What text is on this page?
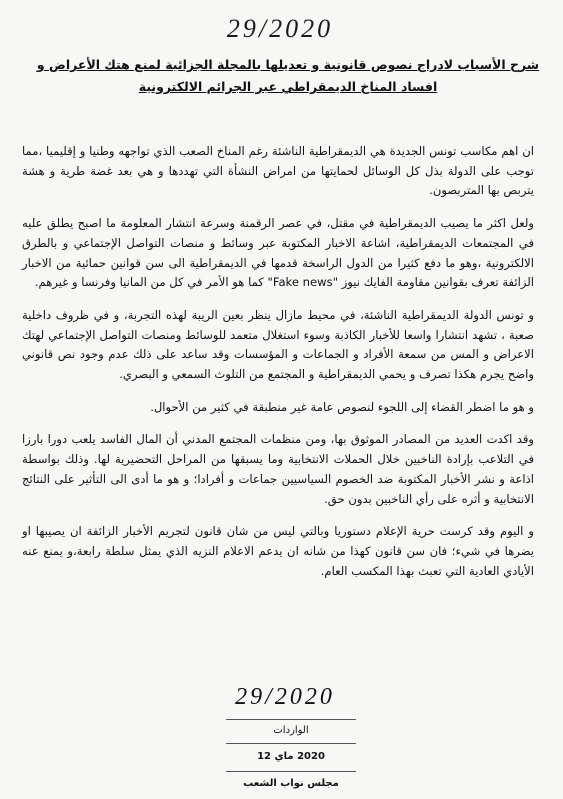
29/2020
شرح الأسباب لادراج نصوص قانونية و تعديلها بالمجلة الجزائية لمنع هتك الأعراض و
افساد المناخ الديمقراطي عبر الجرائم الالكترونية

ان اهم مكاسب تونس الجديدة هي الديمقراطية الناشئة رغم المناخ الصعب الذي تواجهه وطنيا و إقليميا ،مما توجب على الدولة بذل كل الوسائل لحمايتها من امراض النشأة التي تهددها و هي بعد غضة طرية و هشة يتربص بها المتربصون.

ولعل اكثر ما يصيب الديمقراطية في مقتل، في عصر الرقمنة وسرعة انتشار المعلومة ما اصبح يطلق عليه في المجتمعات الديمقراطية، اشاعة الاخبار المكتوبة عبر وسائط و منصات التواصل الإجتماعي و بالطرق الالكترونية ،وهو ما دفع كثيرا من الدول الراسخة قدمها في الديمقراطية الى سن قوانين حمائية من الاخبار الزائفة تعرف بقوانين مقاومة الفايك نيوز "Fake news" كما هو الأمر في كل من المانيا وفرنسا و غيرهم.

و تونس الدولة الديمقراطية الناشئة، في محيط مازال ينظر بعين الريبة لهذه التجربة، و في ظروف داخلية صعبة ، تشهد انتشارا واسعا للأخبار الكاذبة وسوء استغلال متعمد للوسائط ومنصات التواصل الإجتماعي لهتك الاعراض و المس من سمعة الأفراد و الجماعات و المؤسسات وقد ساعد على ذلك عدم وجود نص قانوني واضح يجرم هكذا تصرف و يحمي الديمقراطية و المجتمع من التلوث السمعي و البصري.

و هو ما اضطر القضاء إلى اللجوء لنصوص عامة غير منطبقة في كثير من الأحوال.

وقد اكدت العديد من المصادر الموثوق بها، ومن منظمات المجتمع المدني أن المال الفاسد يلعب دورا بارزا في التلاعب بإرادة الناخبين خلال الحملات الانتخابية وما يسبقها من المراحل التحضيرية لها. وذلك بواسطة اذاعة و نشر الأخبار المكتوبة ضد الخصوم السياسيين جماعات و أفرادا؛ و هو ما أدى الى التأثير على النتائج الانتخابية و أثره على رأي الناخبين بدون حق.

و اليوم وقد كرست حرية الإعلام دستوريا وبالتي ليس من شان قانون لتجريم الأخبار الزائفة ان يصيبها او يضرها في شيء؛ فان سن قانون كهذا من شانه ان يدعم الاعلام النزيه الذي يمثل سلطة رابعة،و يمنع عنه الأيادي العادية التي تعبث بهذا المكسب العام.

29/2020
الواردات
2020 ماي 12
مجلس نواب الشعب
